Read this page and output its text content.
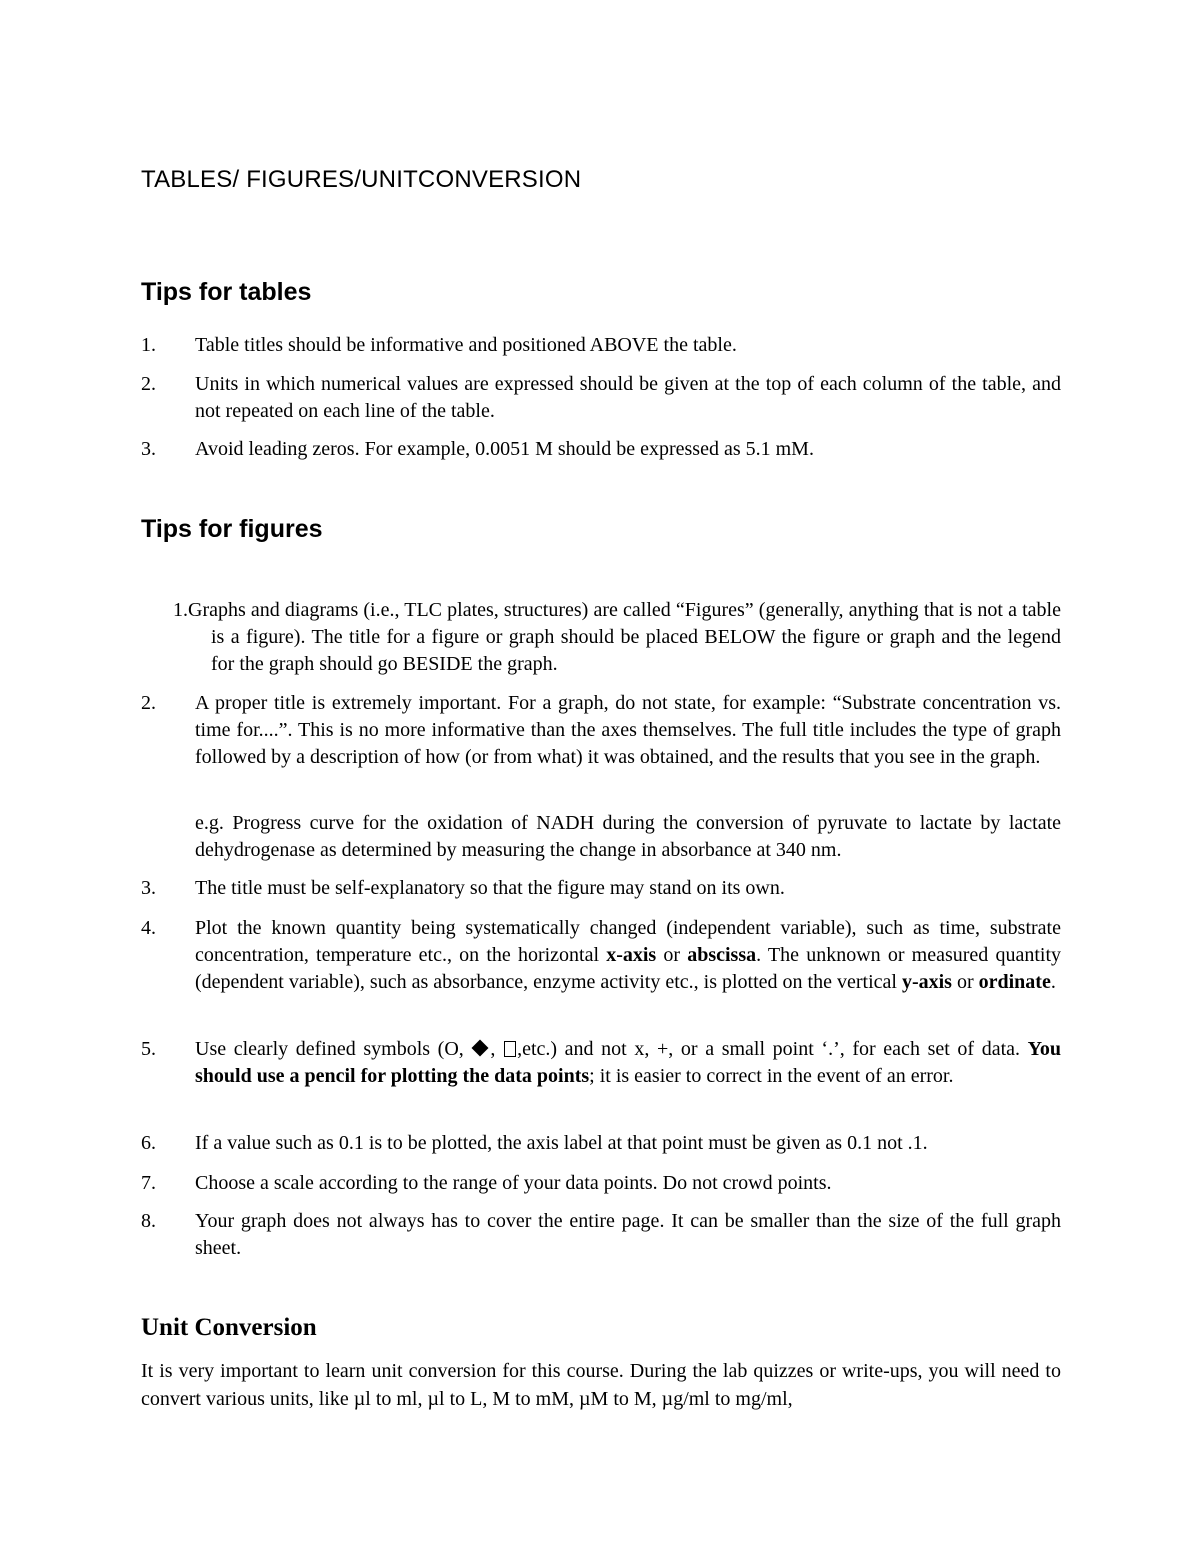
TABLES/ FIGURES/UNITCONVERSION
Tips for tables
1. Table titles should be informative and positioned ABOVE the table.
2. Units in which numerical values are expressed should be given at the top of each column of the table, and not repeated on each line of the table.
3. Avoid leading zeros. For example, 0.0051 M should be expressed as 5.1 mM.
Tips for figures
1.Graphs and diagrams (i.e., TLC plates, structures) are called “Figures” (generally, anything that is not a table is a figure). The title for a figure or graph should be placed BELOW the figure or graph and the legend for the graph should go BESIDE the graph.
2. A proper title is extremely important. For a graph, do not state, for example: “Substrate concentration vs. time for....”. This is no more informative than the axes themselves. The full title includes the type of graph followed by a description of how (or from what) it was obtained, and the results that you see in the graph.
e.g. Progress curve for the oxidation of NADH during the conversion of pyruvate to lactate by lactate dehydrogenase as determined by measuring the change in absorbance at 340 nm.
3. The title must be self-explanatory so that the figure may stand on its own.
4. Plot the known quantity being systematically changed (independent variable), such as time, substrate concentration, temperature etc., on the horizontal x-axis or abscissa. The unknown or measured quantity (dependent variable), such as absorbance, enzyme activity etc., is plotted on the vertical y-axis or ordinate.
5. Use clearly defined symbols (O, , ,etc.) and not x, +, or a small point ‘.’, for each set of data. You should use a pencil for plotting the data points; it is easier to correct in the event of an error.
6. If a value such as 0.1 is to be plotted, the axis label at that point must be given as 0.1 not .1.
7. Choose a scale according to the range of your data points. Do not crowd points.
8. Your graph does not always has to cover the entire page. It can be smaller than the size of the full graph sheet.
Unit Conversion

It is very important to learn unit conversion for this course. During the lab quizzes or write-ups, you will need to convert various units, like µl to ml, µl to L, M to mM, µM to M, µg/ml to mg/ml,
